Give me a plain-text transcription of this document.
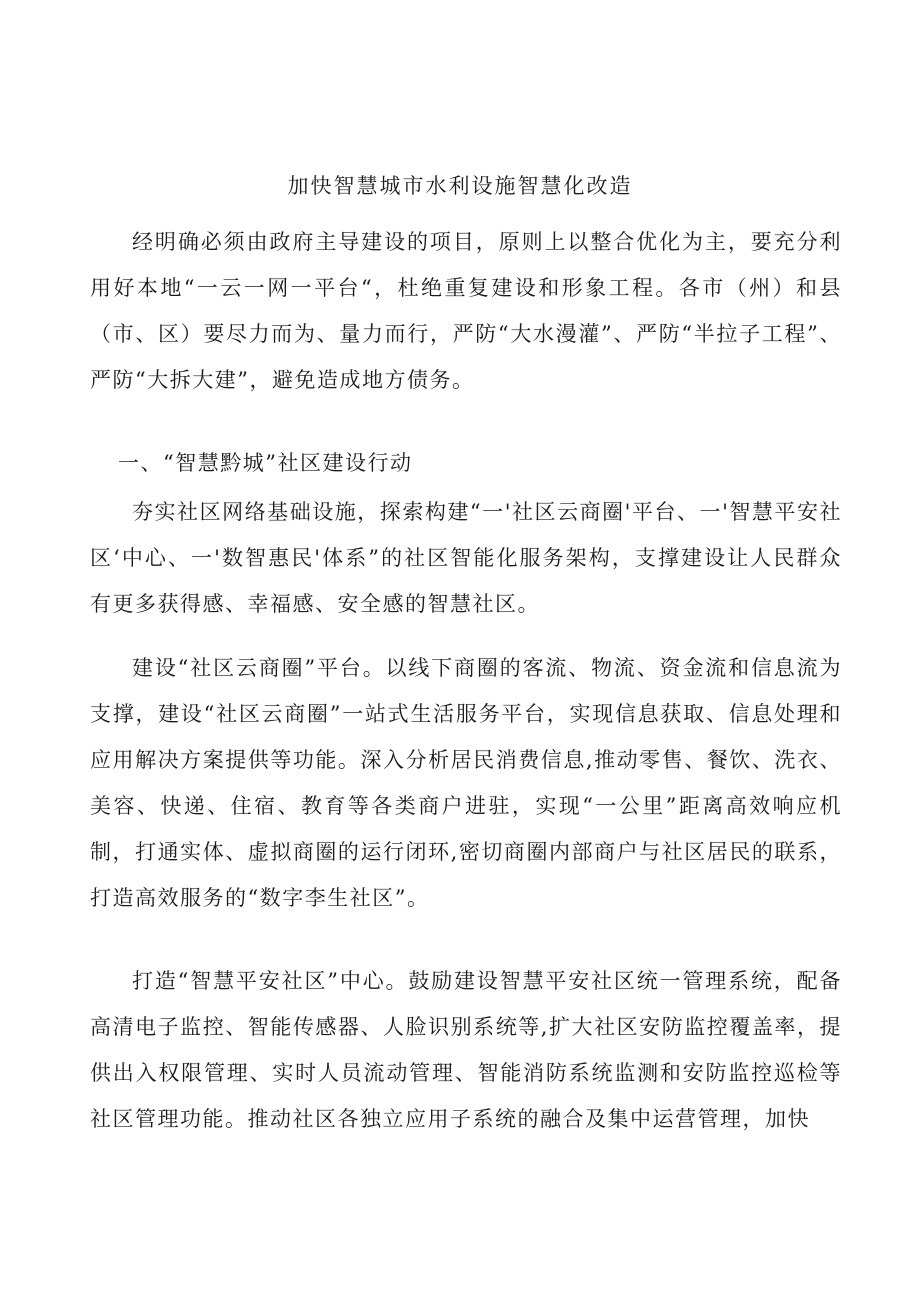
加快智慧城市水利设施智慧化改造

经明确必须由政府主导建设的项目，原则上以整合优化为主，要充分利用好本地“一云一网一平台“，杜绝重复建设和形象工程。各市（州）和县（市、区）要尽力而为、量力而行，严防“大水漫灌”、严防“半拉子工程”、严防“大拆大建”，避免造成地方债务。

一、“智慧黔城”社区建设行动

夯实社区网络基础设施，探索构建“一'社区云商圈'平台、一'智慧平安社区‘中心、一'数智惠民'体系”的社区智能化服务架构，支撑建设让人民群众有更多获得感、幸福感、安全感的智慧社区。

建设“社区云商圈”平台。以线下商圈的客流、物流、资金流和信息流为支撑，建设“社区云商圈”一站式生活服务平台，实现信息获取、信息处理和应用解决方案提供等功能。深入分析居民消费信息,推动零售、餐饮、洗衣、美容、快递、住宿、教育等各类商户进驻，实现“一公里”距离高效响应机制，打通实体、虚拟商圈的运行闭环,密切商圈内部商户与社区居民的联系，打造高效服务的“数字李生社区”。

打造“智慧平安社区”中心。鼓励建设智慧平安社区统一管理系统，配备高清电子监控、智能传感器、人脸识别系统等,扩大社区安防监控覆盖率，提供出入权限管理、实时人员流动管理、智能消防系统监测和安防监控巡检等社区管理功能。推动社区各独立应用子系统的融合及集中运营管理，加快
